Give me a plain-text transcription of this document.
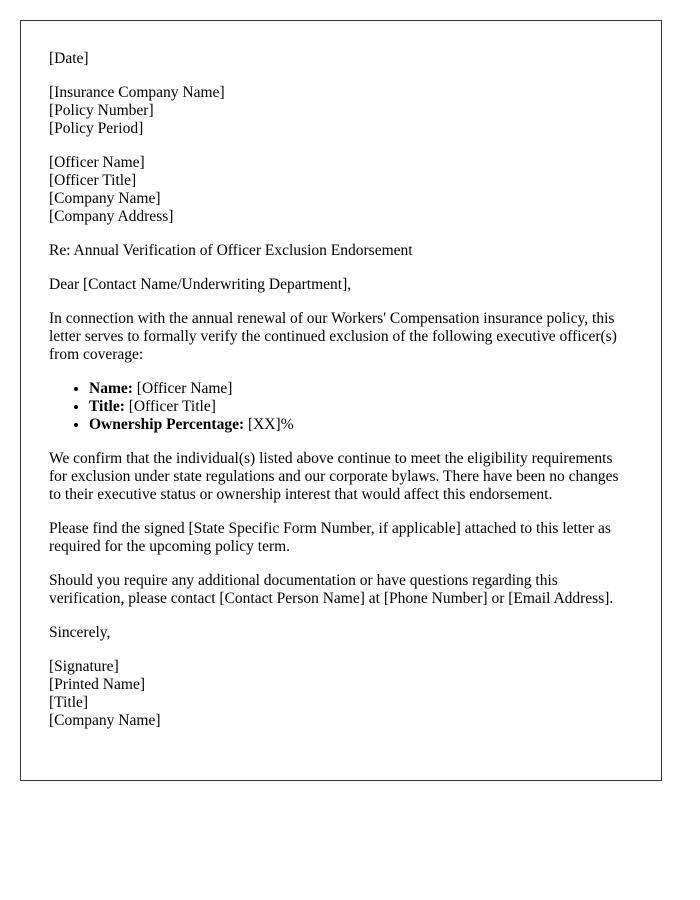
[Date]
[Insurance Company Name]
[Policy Number]
[Policy Period]
[Officer Name]
[Officer Title]
[Company Name]
[Company Address]

Re: Annual Verification of Officer Exclusion Endorsement

Dear [Contact Name/Underwriting Department],

In connection with the annual renewal of our Workers' Compensation insurance policy, this letter serves to formally verify the continued exclusion of the following executive officer(s) from coverage:

• Name: [Officer Name]
• Title: [Officer Title]
• Ownership Percentage: [XX]%

We confirm that the individual(s) listed above continue to meet the eligibility requirements for exclusion under state regulations and our corporate bylaws. There have been no changes to their executive status or ownership interest that would affect this endorsement.

Please find the signed [State Specific Form Number, if applicable] attached to this letter as required for the upcoming policy term.

Should you require any additional documentation or have questions regarding this verification, please contact [Contact Person Name] at [Phone Number] or [Email Address].

Sincerely,

[Signature]
[Printed Name]
[Title]
[Company Name]
